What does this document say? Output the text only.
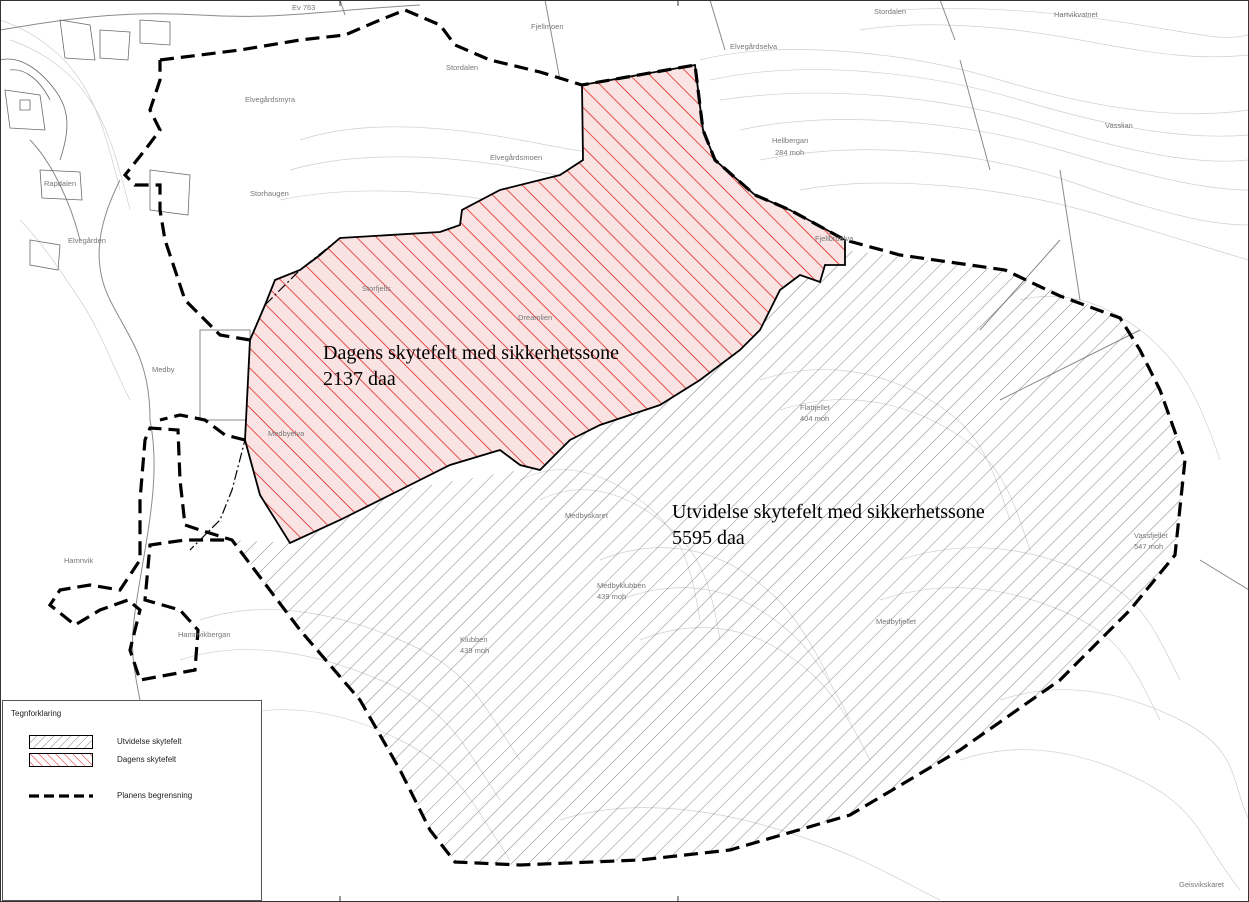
Ev 763
Fjellmoen
Stordalen	Hartvikvatnet
Elvegårdselva
Stordalen
Elvegårdsmyra
Hellbergan
284 moh
Vasslian
Elvegårdsmoen
Rapdalen
Storhaugen
Elvegården	Fjellbruelva
Storfjells
Dreamlien
Medby
Medbyelva
Flattjellet
404 moh
Medbyskaret
Vassfjellet
547 moh
Hamnvik
Medbyklubben
439 moh
Hamnvikbergan
Klubben
439 moh
Medbyfjellet
Geisvikskaret
Dagens skytefelt med sikkerhetssone
2137 daa
Utvidelse skytefelt med sikkerhetssone
5595 daa
Tegnforklaring
Utvidelse skytefelt
Dagens skytefelt
Planens begrensning
